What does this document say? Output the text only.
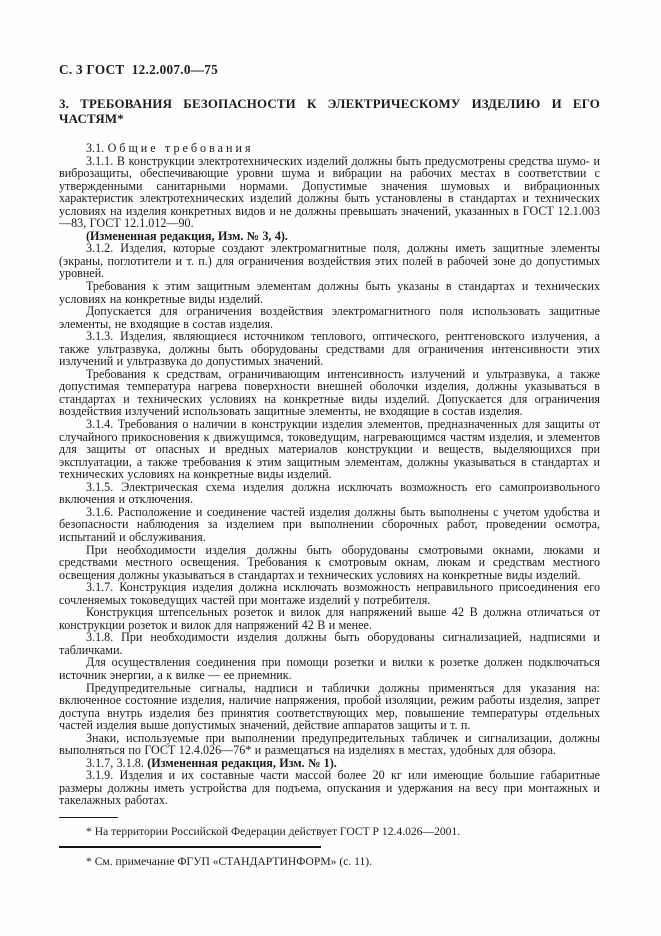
С. 3 ГОСТ  12.2.007.0—75
3. ТРЕБОВАНИЯ БЕЗОПАСНОСТИ К ЭЛЕКТРИЧЕСКОМУ ИЗДЕЛИЮ И ЕГО ЧАСТЯМ*

3.1. Общие требования

3.1.1. В конструкции электротехнических изделий должны быть предусмотрены средства шумо- и виброзащиты, обеспечивающие уровни шума и вибрации на рабочих местах в соответствии с утвержденными санитарными нормами. Допустимые значения шумовых и вибрационных характеристик электротехнических изделий должны быть установлены в стандартах и технических условиях на изделия конкретных видов и не должны превышать значений, указанных в ГОСТ 12.1.003—83, ГОСТ 12.1.012—90.

(Измененная редакция, Изм. № 3, 4).

3.1.2. Изделия, которые создают электромагнитные поля, должны иметь защитные элементы (экраны, поглотители и т. п.) для ограничения воздействия этих полей в рабочей зоне до допустимых уровней.

Требования к этим защитным элементам должны быть указаны в стандартах и технических условиях на конкретные виды изделий.

Допускается для ограничения воздействия электромагнитного поля использовать защитные элементы, не входящие в состав изделия.

3.1.3. Изделия, являющиеся источником теплового, оптического, рентгеновского излучения, а также ультразвука, должны быть оборудованы средствами для ограничения интенсивности этих излучений и ультразвука до допустимых значений.

Требования к средствам, ограничивающим интенсивность излучений и ультразвука, а также допустимая температура нагрева поверхности внешней оболочки изделия, должны указываться в стандартах и технических условиях на конкретные виды изделий. Допускается для ограничения воздействия излучений использовать защитные элементы, не входящие в состав изделия.

3.1.4. Требования о наличии в конструкции изделия элементов, предназначенных для защиты от случайного прикосновения к движущимся, токоведущим, нагревающимся частям изделия, и элементов для защиты от опасных и вредных материалов конструкции и веществ, выделяющихся при эксплуатации, а также требования к этим защитным элементам, должны указываться в стандартах и технических условиях на конкретные виды изделий.

3.1.5. Электрическая схема изделия должна исключать возможность его самопроизвольного включения и отключения.

3.1.6. Расположение и соединение частей изделия должны быть выполнены с учетом удобства и безопасности наблюдения за изделием при выполнении сборочных работ, проведении осмотра, испытаний и обслуживания.

При необходимости изделия должны быть оборудованы смотровыми окнами, люками и средствами местного освещения. Требования к смотровым окнам, люкам и средствам местного освещения должны указываться в стандартах и технических условиях на конкретные виды изделий.

3.1.7. Конструкция изделия должна исключать возможность неправильного присоединения его сочленяемых токоведущих частей при монтаже изделий у потребителя.

Конструкция штепсельных розеток и вилок для напряжений выше 42 В должна отличаться от конструкции розеток и вилок для напряжений 42 В и менее.

3.1.8. При необходимости изделия должны быть оборудованы сигнализацией, надписями и табличками.

Для осуществления соединения при помощи розетки и вилки к розетке должен подключаться источник энергии, а к вилке — ее приемник.

Предупредительные сигналы, надписи и таблички должны применяться для указания на: включенное состояние изделия, наличие напряжения, пробой изоляции, режим работы изделия, запрет доступа внутрь изделия без принятия соответствующих мер, повышение температуры отдельных частей изделия выше допустимых значений, действие аппаратов защиты и т. п.

Знаки, используемые при выполнении предупредительных табличек и сигнализации, должны выполняться по ГОСТ 12.4.026—76* и размещаться на изделиях в местах, удобных для обзора.

3.1.7, 3.1.8. (Измененная редакция, Изм. № 1).

3.1.9. Изделия и их составные части массой более 20 кг или имеющие большие габаритные размеры должны иметь устройства для подъема, опускания и удержания на весу при монтажных и такелажных работах.

* На территории Российской Федерации действует ГОСТ Р 12.4.026—2001.

* См. примечание ФГУП «СТАНДАРТИНФОРМ» (с. 11).
